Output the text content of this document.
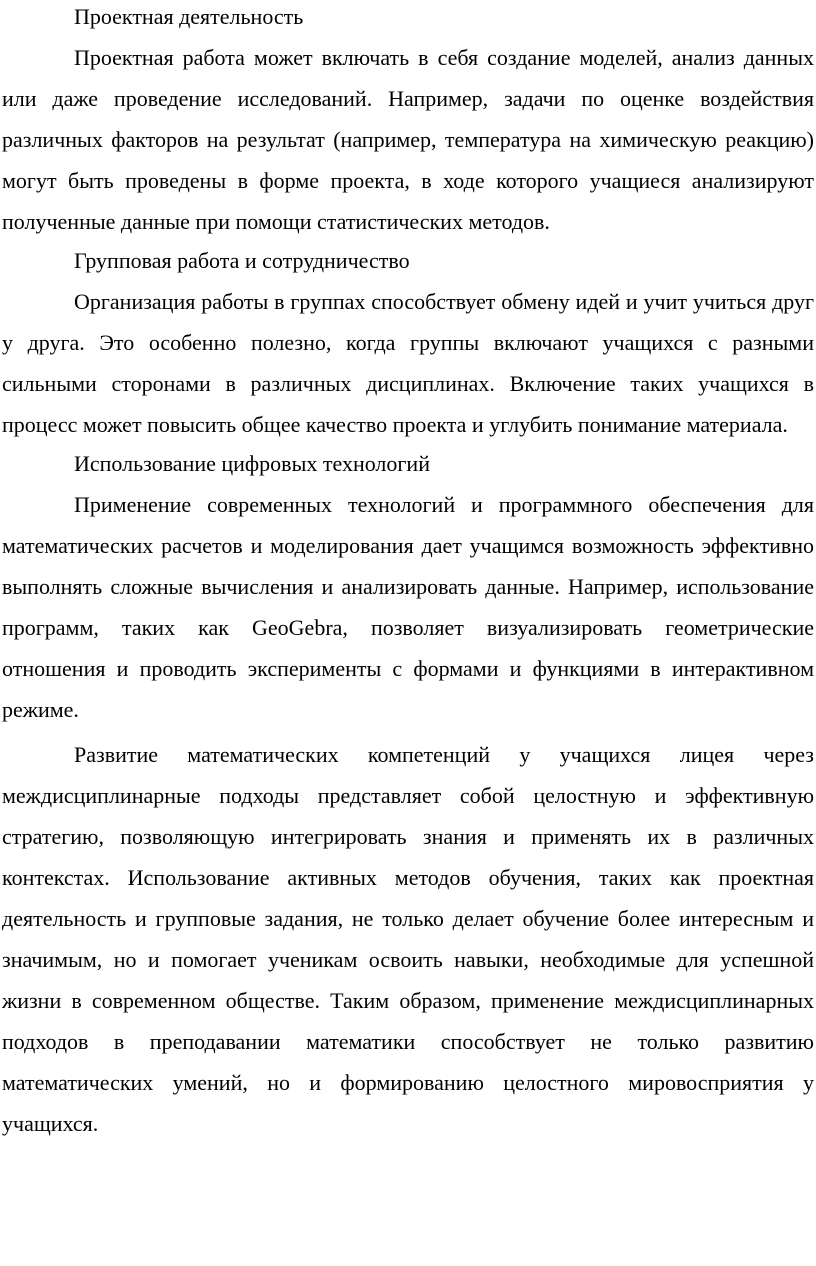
Проектная деятельность

Проектная работа может включать в себя создание моделей, анализ данных или даже проведение исследований. Например, задачи по оценке воздействия различных факторов на результат (например, температура на химическую реакцию) могут быть проведены в форме проекта, в ходе которого учащиеся анализируют полученные данные при помощи статистических методов.

Групповая работа и сотрудничество

Организация работы в группах способствует обмену идей и учит учиться друг у друга. Это особенно полезно, когда группы включают учащихся с разными сильными сторонами в различных дисциплинах. Включение таких учащихся в процесс может повысить общее качество проекта и углубить понимание материала.

Использование цифровых технологий

Применение современных технологий и программного обеспечения для математических расчетов и моделирования дает учащимся возможность эффективно выполнять сложные вычисления и анализировать данные. Например, использование программ, таких как GeoGebra, позволяет визуализировать геометрические отношения и проводить эксперименты с формами и функциями в интерактивном режиме.

Развитие математических компетенций у учащихся лицея через междисциплинарные подходы представляет собой целостную и эффективную стратегию, позволяющую интегрировать знания и применять их в различных контекстах. Использование активных методов обучения, таких как проектная деятельность и групповые задания, не только делает обучение более интересным и значимым, но и помогает ученикам освоить навыки, необходимые для успешной жизни в современном обществе. Таким образом, применение междисциплинарных подходов в преподавании математики способствует не только развитию математических умений, но и формированию целостного мировосприятия у учащихся.
